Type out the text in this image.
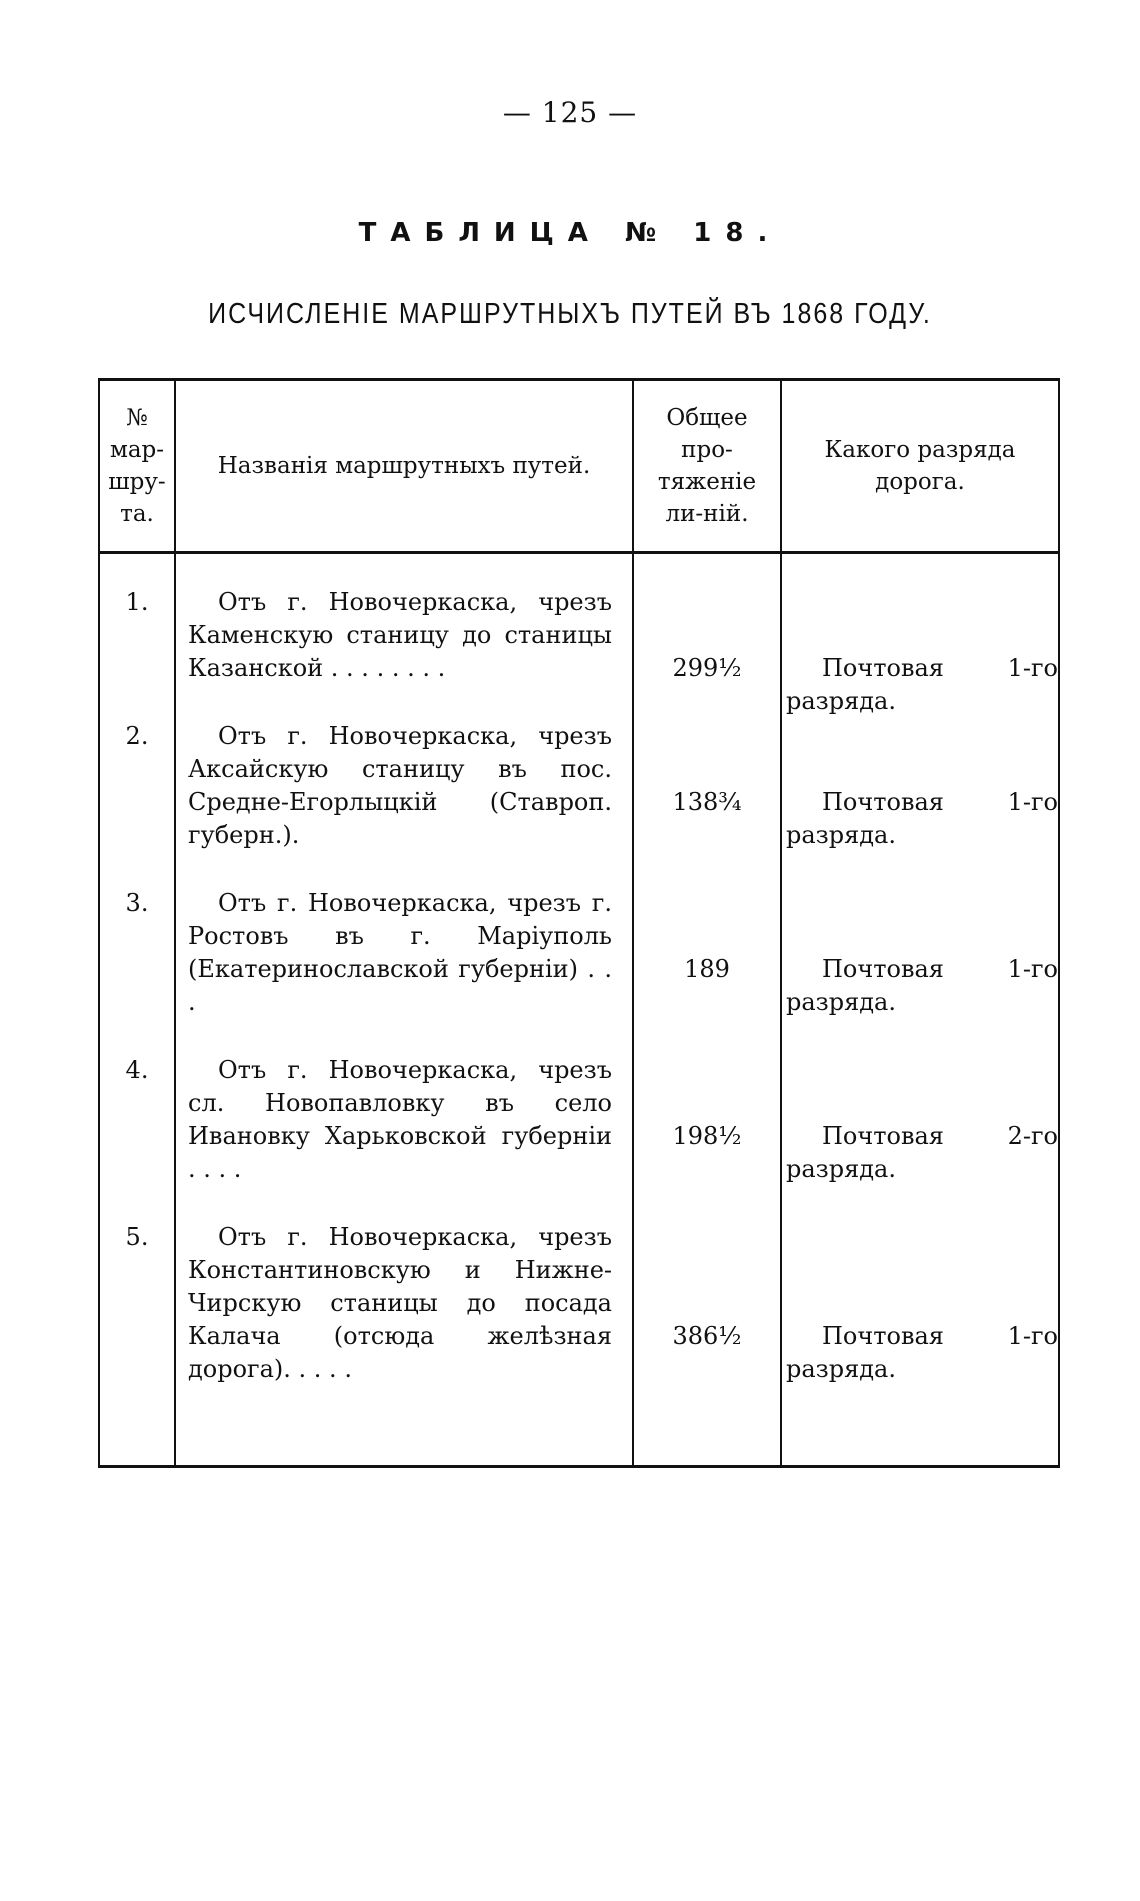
— 125 —
ТАБЛИЦА № 18.
ИСЧИСЛЕНІЕ МАРШРУТНЫХЪ ПУТЕЙ ВЪ 1868 ГОДУ.
№ мар-шру-та.	Названія маршрутныхъ путей.	Общее про-тяженіе ли-ній.	Какого разряда дорога.
1.	Отъ г. Новочеркаска, чрезъ Каменскую станицу до станицы Казанской . . . . . . . .	299½	Почтовая 1-го разряда.

2.	Отъ г. Новочеркаска, чрезъ Аксайскую станицу въ пос. Средне-Егорлыцкій (Ставроп. губерн.).	138¾	Почтовая 1-го разряда.

3.	Отъ г. Новочеркаска, чрезъ г. Ростовъ въ г. Маріуполь (Екатеринославской губерніи) . . .	189	Почтовая 1-го разряда.

4.	Отъ г. Новочеркаска, чрезъ сл. Новопавловку въ село Ивановку Харьковской губерніи . . . .	198½	Почтовая 2-го разряда.

5.	Отъ г. Новочеркаска, чрезъ Константиновскую и Нижне-Чирскую станицы до посада Калача (отсюда желѣзная дорога). . . . .	386½	Почтовая 1-го разряда.
